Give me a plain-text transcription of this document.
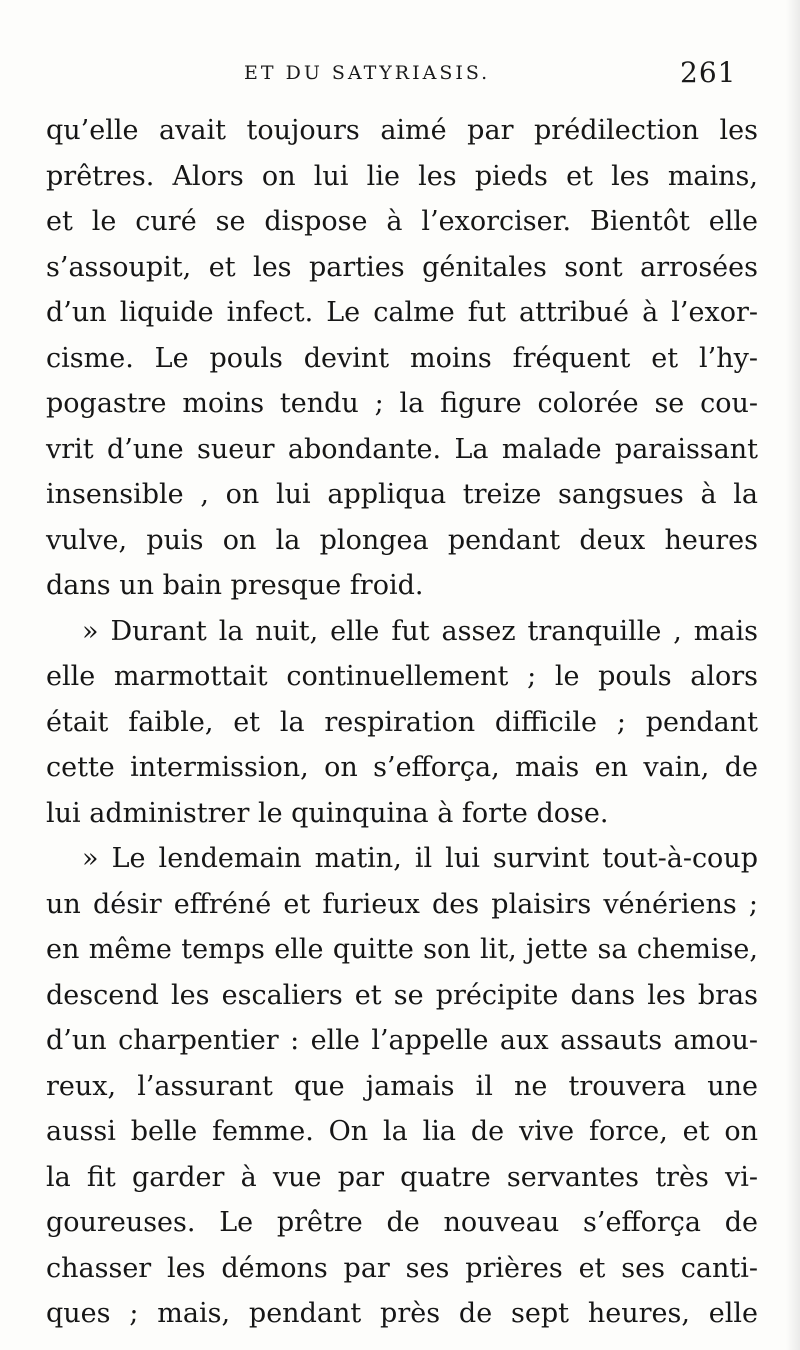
ET DU SATYRIASIS.	261
qu’elle avait toujours aimé par prédilection les
prêtres. Alors on lui lie les pieds et les mains,
et le curé se dispose à l’exorciser. Bientôt elle
s’assoupit, et les parties génitales sont arrosées
d’un liquide infect. Le calme fut attribué à l’exor-
cisme. Le pouls devint moins fréquent et l’hy-
pogastre moins tendu ; la figure colorée se cou-
vrit d’une sueur abondante. La malade paraissant
insensible , on lui appliqua treize sangsues à la
vulve, puis on la plongea pendant deux heures
dans un bain presque froid.
» Durant la nuit, elle fut assez tranquille , mais
elle marmottait continuellement ; le pouls alors
était faible, et la respiration difficile ; pendant
cette intermission, on s’efforça, mais en vain, de
lui administrer le quinquina à forte dose.
» Le lendemain matin, il lui survint tout-à-coup
un désir effréné et furieux des plaisirs vénériens ;
en même temps elle quitte son lit, jette sa chemise,
descend les escaliers et se précipite dans les bras
d’un charpentier : elle l’appelle aux assauts amou-
reux, l’assurant que jamais il ne trouvera une
aussi belle femme. On la lia de vive force, et on
la fit garder à vue par quatre servantes très vi-
goureuses. Le prêtre de nouveau s’efforça de
chasser les démons par ses prières et ses canti-
ques ; mais, pendant près de sept heures, elle
